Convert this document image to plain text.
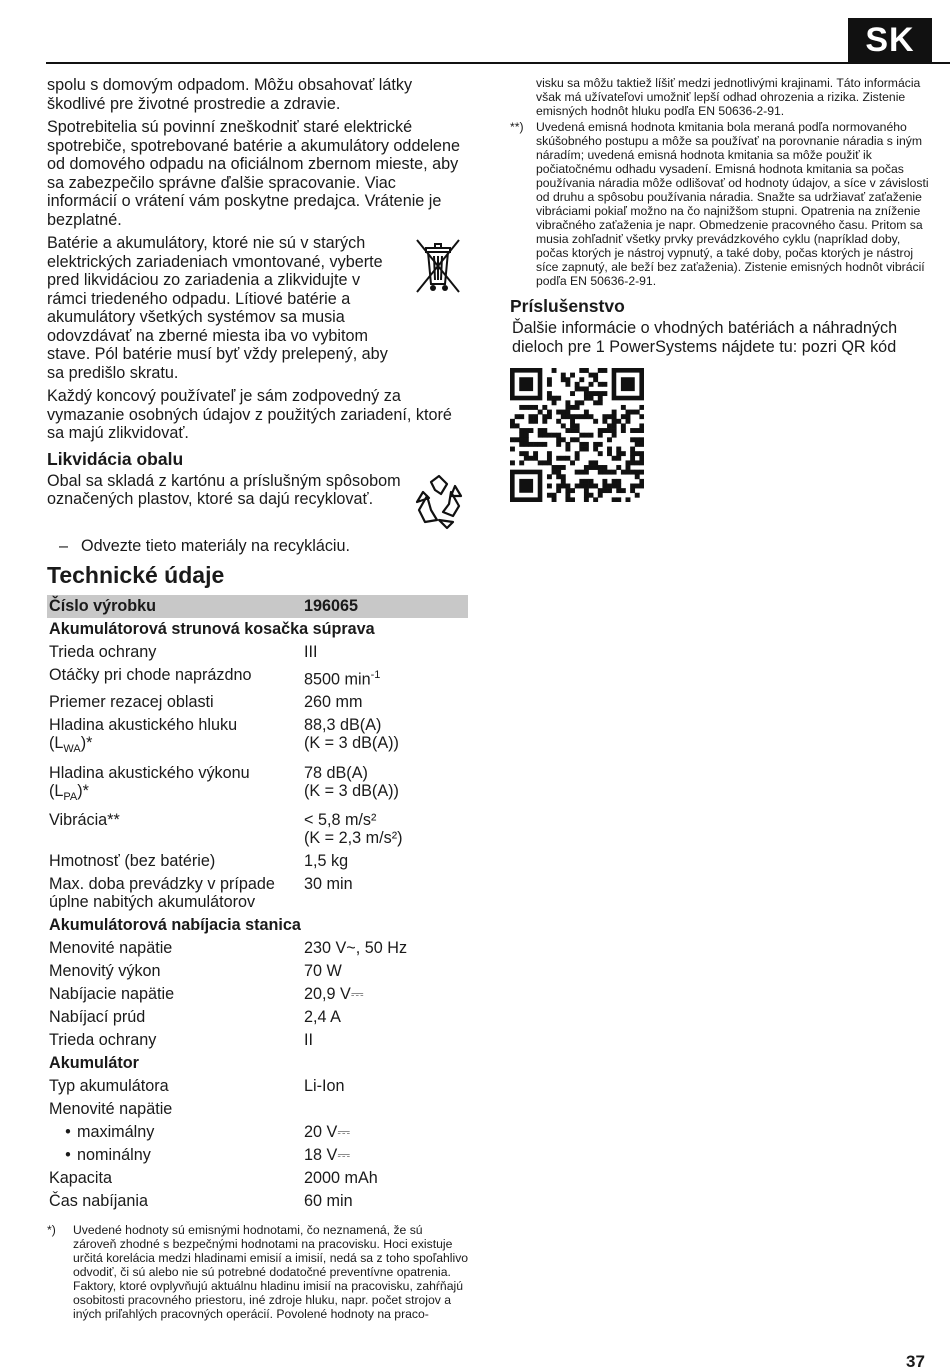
SK

spolu s domovým odpadom. Môžu obsahovať látky škodlivé pre životné prostredie a zdravie.

Spotrebitelia sú povinní zneškodniť staré elektrické spotrebiče, spotrebované batérie a akumulátory oddelene od domového odpadu na oficiálnom zbernom mieste, aby sa zabezpečilo správne ďalšie spracovanie. Viac informácií o vrátení vám poskytne predajca. Vrátenie je bezplatné.

Batérie a akumulátory, ktoré nie sú v starých elektrických zariadeniach vmontované, vyberte pred likvidáciou zo zariadenia a zlikvidujte v rámci triedeného odpadu. Lítiové batérie a akumulátory všetkých systémov sa musia odovzdávať na zberné miesta iba vo vybitom stave. Pól batérie musí byť vždy prelepený, aby sa predišlo skratu.

Každý koncový používateľ je sám zodpovedný za vymazanie osobných údajov z použitých zariadení, ktoré sa majú zlikvidovať.

Likvidácia obalu

Obal sa skladá z kartónu a príslušným spôsobom označených plastov, ktoré sa dajú recyklovať.

– Odvezte tieto materiály na recykláciu.
Technické údaje
Číslo výrobku	196065
Akumulátorová strunová kosačka súprava	
Trieda ochrany	III
Otáčky pri chode naprázdno	8500 $\min^{-1}$
Priemer rezacej oblasti	260 mm
Hladina akustického hluku
$(L_{WA})*$	88,3 dB(A)
(K = 3 dB(A))
Hladina akustického výkonu
$(L_{PA})*$	78 dB(A)
(K = 3 dB(A))
Vibrácia**	< 5,8 m/s²
(K = 2,3 m/s²)
Hmotnosť (bez batérie)	1,5 kg
Max. doba prevádzky v prípade úplne nabitých akumulátorov	30 min
Akumulátorová nabíjacia stanica	
Menovité napätie	230 V~, 50 Hz
Menovitý výkon	70 W
Nabíjacie napätie	20,9 V⎓
Nabíjací prúd	2,4 A
Trieda ochrany	II
Akumulátor	
Typ akumulátora	Li-Ion
Menovité napätie	
• maximálny	20 V⎓
• nominálny	18 V⎓
Kapacita	2000 mAh
Čas nabíjania	60 min
*)	Uvedené hodnoty sú emisnými hodnotami, čo neznamená, že sú zároveň zhodné s bezpečnými hodnotami na pracovisku. Hoci existuje určitá korelácia medzi hladinami emisií a imisií, nedá sa z toho spoľahlivo odvodiť, či sú alebo nie sú potrebné dodatočné preventívne opatrenia. Faktory, ktoré ovplyvňujú aktuálnu hladinu imisií na pracovisku, zahŕňajú osobitosti pracovného priestoru, iné zdroje hluku, napr. počet strojov a iných priľahlých pracovných operácií. Povolené hodnoty na praco-
visku sa môžu taktiež líšiť medzi jednotlivými krajinami. Táto informácia však má užívateľovi umožniť lepší odhad ohrozenia a rizika. Zistenie emisných hodnôt hluku podľa EN 50636-2-91.
**)	Uvedená emisná hodnota kmitania bola meraná podľa normovaného skúšobného postupu a môže sa používať na porovnanie náradia s iným náradím; uvedená emisná hodnota kmitania sa môže použiť ik počiatočnému odhadu vysadení. Emisná hodnota kmitania sa počas používania náradia môže odlišovať od hodnoty údajov, a síce v závislosti od druhu a spôsobu používania náradia. Snažte sa udržiavať zaťaženie vibráciami pokiaľ možno na čo najnižšom stupni. Opatrenia na zníženie vibračného zaťaženia je napr. Obmedzenie pracovného času. Pritom sa musia zohľadniť všetky prvky prevádzkového cyklu (napríklad doby, počas ktorých je nástroj vypnutý, a také doby, počas ktorých je nástroj síce zapnutý, ale beží bez zaťaženia). Zistenie emisných hodnôt vibrácií podľa EN 50636-2-91.
Príslušenstvo

Ďalšie informácie o vhodných batériách a náhradných dieloch pre 1 PowerSystems nájdete tu: pozri QR kód

37
